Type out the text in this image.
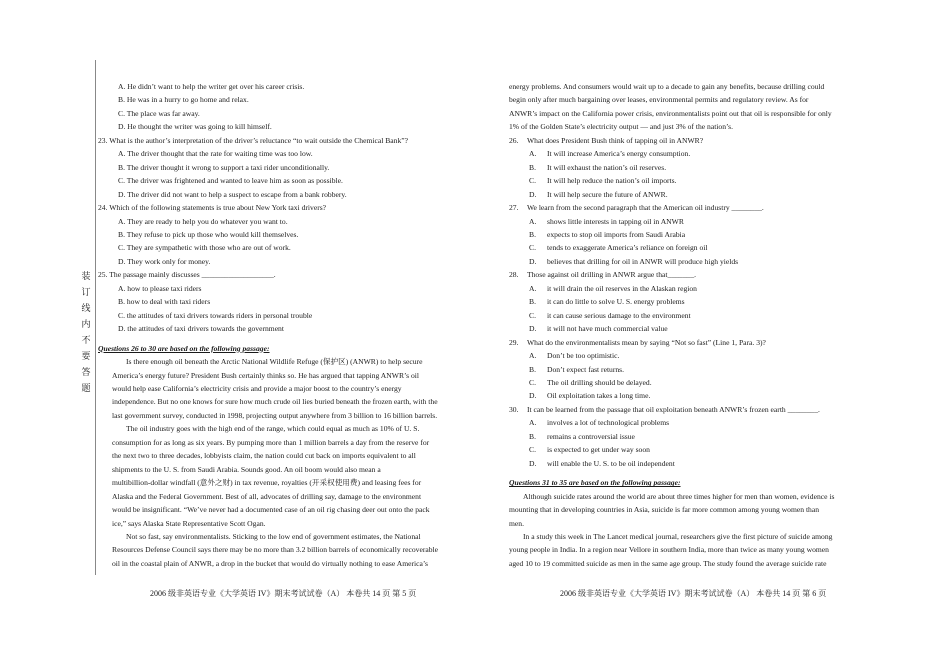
装
订
线
内
不
要
答
题
A. He didn’t want to help the writer get over his career crisis.
B. He was in a hurry to go home and relax.
C. The place was far away.
D. He thought the writer was going to kill himself.
23. What is the author’s interpretation of the driver’s reluctance “to wait outside the Chemical Bank”?
A. The driver thought that the rate for waiting time was too low.
B. The driver thought it wrong to support a taxi rider unconditionally.
C. The driver was frightened and wanted to leave him as soon as possible.
D. The driver did not want to help a suspect to escape from a bank robbery.
24. Which of the following statements is true about New York taxi drivers?
A. They are ready to help you do whatever you want to.
B. They refuse to pick up those who would kill themselves.
C. They are sympathetic with those who are out of work.
D. They work only for money.
25. The passage mainly discusses ___________________.
A. how to please taxi riders
B. how to deal with taxi riders
C. the attitudes of taxi drivers towards riders in personal trouble
D. the attitudes of taxi drivers towards the government
Questions 26 to 30 are based on the following passage:
Is there enough oil beneath the Arctic National Wildlife Refuge (保护区) (ANWR) to help secure
America’s energy future? President Bush certainly thinks so. He has argued that tapping ANWR’s oil
would help ease California’s electricity crisis and provide a major boost to the country’s energy
independence. But no one knows for sure how much crude oil lies buried beneath the frozen earth, with the
last government survey, conducted in 1998, projecting output anywhere from 3 billion to 16 billion barrels.
The oil industry goes with the high end of the range, which could equal as much as 10% of U. S.
consumption for as long as six years. By pumping more than 1 million barrels a day from the reserve for
the next two to three decades, lobbyists claim, the nation could cut back on imports equivalent to all
shipments to the U. S. from Saudi Arabia. Sounds good. An oil boom would also mean a
multibillion-dollar windfall (意外之财) in tax revenue, royalties (开采权使用费) and leasing fees for
Alaska and the Federal Government. Best of all, advocates of drilling say, damage to the environment
would be insignificant. “We’ve never had a documented case of an oil rig chasing deer out onto the pack
ice,” says Alaska State Representative Scott Ogan.
Not so fast, say environmentalists. Sticking to the low end of government estimates, the National
Resources Defense Council says there may be no more than 3.2 billion barrels of economically recoverable
oil in the coastal plain of ANWR, a drop in the bucket that would do virtually nothing to ease America’s
2006 级非英语专业《大学英语 IV》期末考试试卷（A） 本卷共 14 页 第 5 页
energy problems. And consumers would wait up to a decade to gain any benefits, because drilling could
begin only after much bargaining over leases, environmental permits and regulatory review. As for
ANWR’s impact on the California power crisis, environmentalists point out that oil is responsible for only
1% of the Golden State’s electricity output — and just 3% of the nation’s.
26. What does President Bush think of tapping oil in ANWR?
A. It will increase America’s energy consumption.
B. It will exhaust the nation’s oil reserves.
C. It will help reduce the nation’s oil imports.
D. It will help secure the future of ANWR.
27. We learn from the second paragraph that the American oil industry ________.
A. shows little interests in tapping oil in ANWR
B. expects to stop oil imports from Saudi Arabia
C. tends to exaggerate America’s reliance on foreign oil
D. believes that drilling for oil in ANWR will produce high yields
28. Those against oil drilling in ANWR argue that_______.
A. it will drain the oil reserves in the Alaskan region
B. it can do little to solve U. S. energy problems
C. it can cause serious damage to the environment
D. it will not have much commercial value
29. What do the environmentalists mean by saying “Not so fast” (Line 1, Para. 3)?
A. Don’t be too optimistic.
B. Don’t expect fast returns.
C. The oil drilling should be delayed.
D. Oil exploitation takes a long time.
30. It can be learned from the passage that oil exploitation beneath ANWR’s frozen earth ________.
A. involves a lot of technological problems
B. remains a controversial issue
C. is expected to get under way soon
D. will enable the U. S. to be oil independent
Questions 31 to 35 are based on the following passage:
Although suicide rates around the world are about three times higher for men than women, evidence is
mounting that in developing countries in Asia, suicide is far more common among young women than
men.
In a study this week in The Lancet medical journal, researchers give the first picture of suicide among
young people in India. In a region near Vellore in southern India, more than twice as many young women
aged 10 to 19 committed suicide as men in the same age group. The study found the average suicide rate
2006 级非英语专业《大学英语 IV》期末考试试卷（A） 本卷共 14 页 第 6 页
